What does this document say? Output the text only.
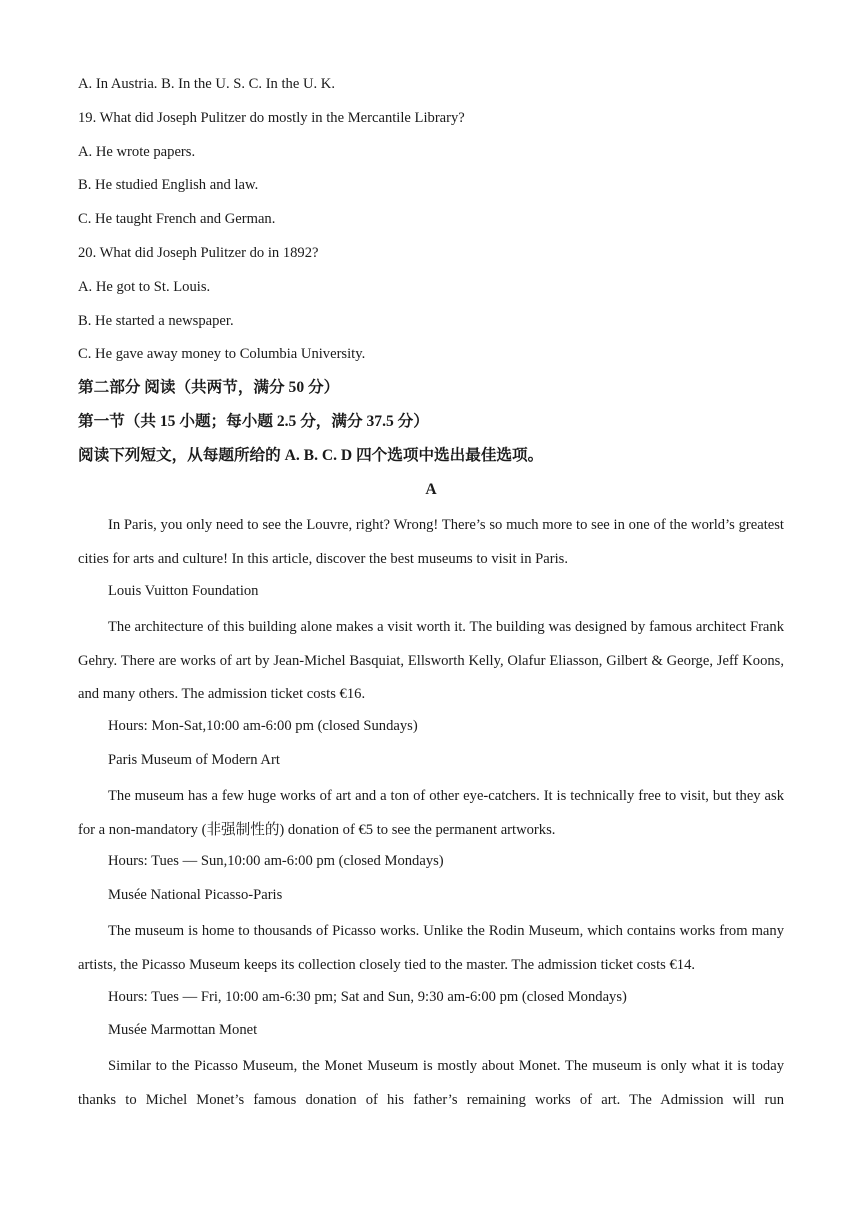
A. In Austria. B. In the U. S. C. In the U. K.
19. What did Joseph Pulitzer do mostly in the Mercantile Library?
A. He wrote papers.
B. He studied English and law.
C. He taught French and German.
20. What did Joseph Pulitzer do in 1892?
A. He got to St. Louis.
B. He started a newspaper.
C. He gave away money to Columbia University.
第二部分 阅读（共两节，满分 50 分）
第一节（共 15 小题；每小题 2.5 分，满分 37.5 分）
阅读下列短文，从每题所给的 A. B. C. D 四个选项中选出最佳选项。
A
In Paris, you only need to see the Louvre, right? Wrong! There’s so much more to see in one of the world’s greatest cities for arts and culture! In this article, discover the best museums to visit in Paris.
Louis Vuitton Foundation
The architecture of this building alone makes a visit worth it. The building was designed by famous architect Frank Gehry. There are works of art by Jean-Michel Basquiat, Ellsworth Kelly, Olafur Eliasson, Gilbert & George, Jeff Koons, and many others. The admission ticket costs €16.
Hours: Mon-Sat,10:00 am-6:00 pm (closed Sundays)
Paris Museum of Modern Art
The museum has a few huge works of art and a ton of other eye-catchers. It is technically free to visit, but they ask for a non-mandatory (非强制性的) donation of €5 to see the permanent artworks.
Hours: Tues — Sun,10:00 am-6:00 pm (closed Mondays)
Musée National Picasso-Paris
The museum is home to thousands of Picasso works. Unlike the Rodin Museum, which contains works from many artists, the Picasso Museum keeps its collection closely tied to the master. The admission ticket costs €14.
Hours: Tues — Fri, 10:00 am-6:30 pm; Sat and Sun, 9:30 am-6:00 pm (closed Mondays)
Musée Marmottan Monet
Similar to the Picasso Museum, the Monet Museum is mostly about Monet. The museum is only what it is today thanks to Michel Monet’s famous donation of his father’s remaining works of art. The Admission will run
